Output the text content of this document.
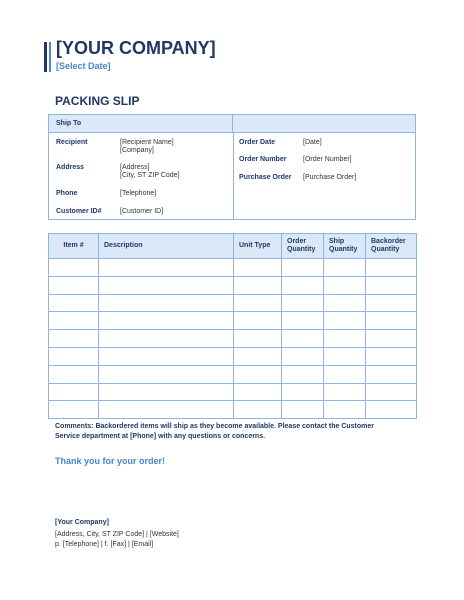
[YOUR COMPANY]
[Select Date]
PACKING SLIP
Ship To
Recipient	[Recipient Name]
[Company]
Address	[Address]
[City, ST ZIP Code]
Phone	[Telephone]
Customer ID#	[Customer ID]
Order Date	[Date]
Order Number [Order Number]
Purchase Order [Purchase Order]
Item #	Description	Unit Type	Order Quantity	Ship Quantity	Backorder Quantity

Comments: Backordered items will ship as they become available. Please contact the Customer Service department at [Phone] with any questions or concerns.
Thank you for your order!
[Your Company]
[Address, City, ST ZIP Code] | [Website]
p. [Telephone] | f. [Fax] | [Email]
